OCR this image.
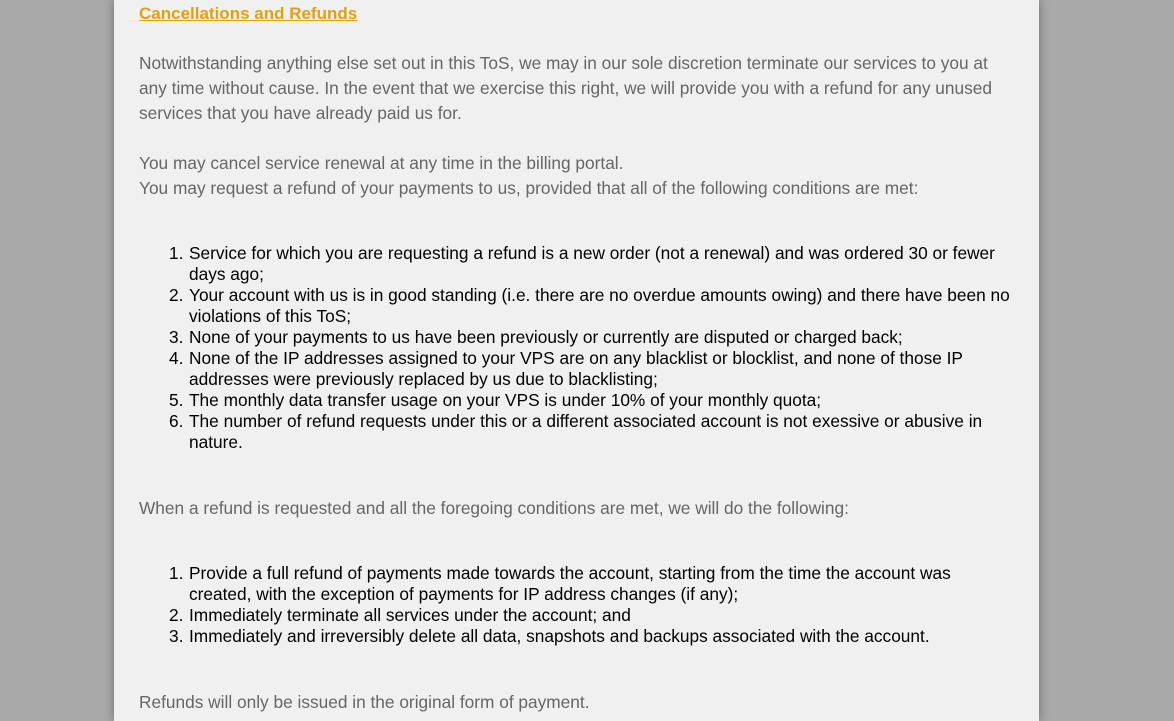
Cancellations and Refunds

Notwithstanding anything else set out in this ToS, we may in our sole discretion terminate our services to you at any time without cause. In the event that we exercise this right, we will provide you with a refund for any unused services that you have already paid us for.

You may cancel service renewal at any time in the billing portal.

You may request a refund of your payments to us, provided that all of the following conditions are met:

1. Service for which you are requesting a refund is a new order (not a renewal) and was ordered 30 or fewer days ago;
2. Your account with us is in good standing (i.e. there are no overdue amounts owing) and there have been no violations of this ToS;
3. None of your payments to us have been previously or currently are disputed or charged back;
4. None of the IP addresses assigned to your VPS are on any blacklist or blocklist, and none of those IP addresses were previously replaced by us due to blacklisting;
5. The monthly data transfer usage on your VPS is under 10% of your monthly quota;
6. The number of refund requests under this or a different associated account is not exessive or abusive in nature.

When a refund is requested and all the foregoing conditions are met, we will do the following:

1. Provide a full refund of payments made towards the account, starting from the time the account was created, with the exception of payments for IP address changes (if any);
2. Immediately terminate all services under the account; and
3. Immediately and irreversibly delete all data, snapshots and backups associated with the account.

Refunds will only be issued in the original form of payment.
